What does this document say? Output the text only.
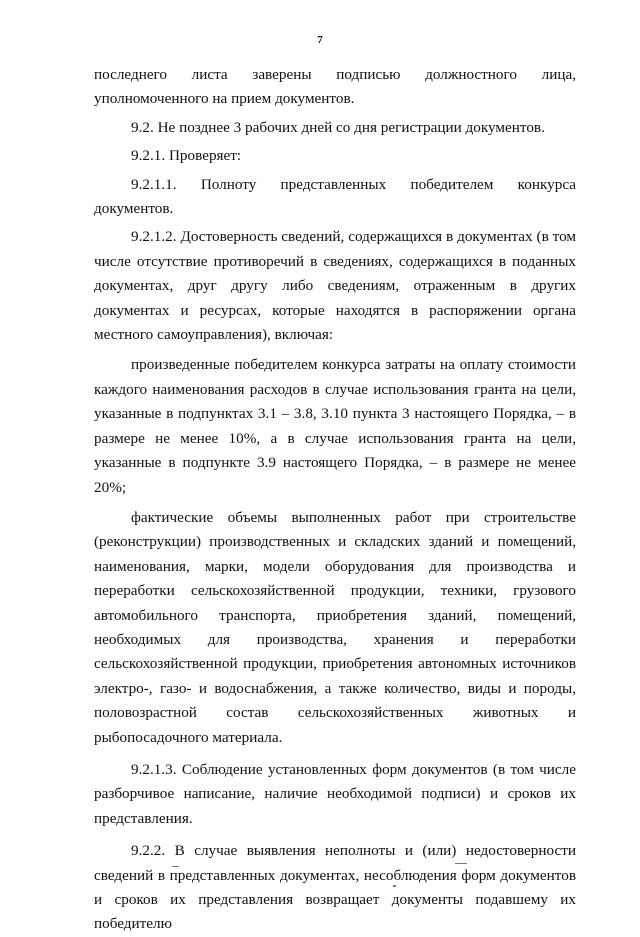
7

последнего листа заверены подписью должностного лица, уполномоченного на прием документов.

9.2. Не позднее 3 рабочих дней со дня регистрации документов.

9.2.1. Проверяет:

9.2.1.1. Полноту представленных победителем конкурса документов.

9.2.1.2. Достоверность сведений, содержащихся в документах (в том числе отсутствие противоречий в сведениях, содержащихся в поданных документах, друг другу либо сведениям, отраженным в других документах и ресурсах, которые находятся в распоряжении органа местного самоуправления), включая:

произведенные победителем конкурса затраты на оплату стоимости каждого наименования расходов в случае использования гранта на цели, указанные в подпунктах 3.1 – 3.8, 3.10 пункта 3 настоящего Порядка, – в размере не менее 10%, а в случае использования гранта на цели, указанные в подпункте 3.9 настоящего Порядка, – в размере не менее 20%;

фактические объемы выполненных работ при строительстве (реконструкции) производственных и складских зданий и помещений, наименования, марки, модели оборудования для производства и переработки сельскохозяйственной продукции, техники, грузового автомобильного транспорта, приобретения зданий, помещений, необходимых для производства, хранения и переработки сельскохозяйственной продукции, приобретения автономных источников электро-, газо- и водоснабжения, а также количество, виды и породы, половозрастной состав сельскохозяйственных животных и рыбопосадочного материала.

9.2.1.3. Соблюдение установленных форм документов (в том числе разборчивое написание, наличие необходимой подписи) и сроков их представления.

9.2.2. В случае выявления неполноты и (или) недостоверности сведений в представленных документах, несоблюдения форм документов и сроков их представления возвращает документы подавшему их победителю
